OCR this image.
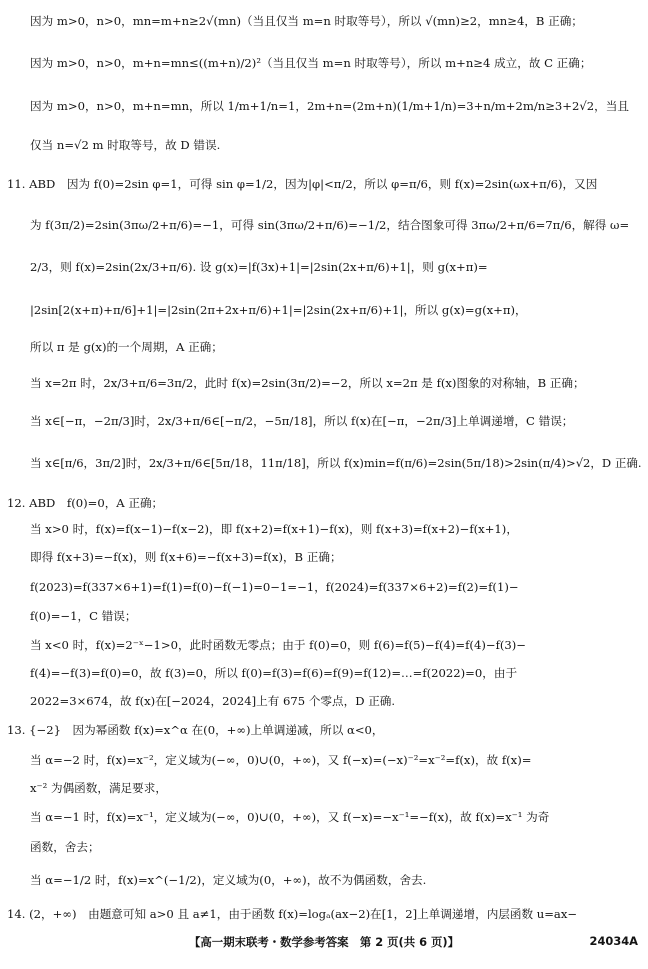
因为 m>0，n>0，mn=m+n≥2√(mn)（当且仅当 m=n 时取等号），所以 √(mn)≥2，mn≥4，B 正确；
因为 m>0，n>0，m+n=mn≤((m+n)/2)²（当且仅当 m=n 时取等号），所以 m+n≥4 成立，故 C 正确；
因为 m>0，n>0，m+n=mn，所以 1/m+1/n=1，2m+n=(2m+n)(1/m+1/n)=3+n/m+2m/n≥3+2√2，当且
仅当 n=√2 m 时取等号，故 D 错误.
11. ABD　因为 f(0)=2sin φ=1，可得 sin φ=1/2，因为|φ|<π/2，所以 φ=π/6，则 f(x)=2sin(ωx+π/6)，又因
为 f(3π/2)=2sin(3πω/2+π/6)=−1，可得 sin(3πω/2+π/6)=−1/2，结合图象可得 3πω/2+π/6=7π/6，解得 ω=
2/3，则 f(x)=2sin(2x/3+π/6). 设 g(x)=|f(3x)+1|=|2sin(2x+π/6)+1|，则 g(x+π)=
|2sin[2(x+π)+π/6]+1|=|2sin(2π+2x+π/6)+1|=|2sin(2x+π/6)+1|，所以 g(x)=g(x+π)，
所以 π 是 g(x)的一个周期，A 正确；
当 x=2π 时，2x/3+π/6=3π/2，此时 f(x)=2sin(3π/2)=−2，所以 x=2π 是 f(x)图象的对称轴，B 正确；
当 x∈[−π，−2π/3]时，2x/3+π/6∈[−π/2，−5π/18]，所以 f(x)在[−π，−2π/3]上单调递增，C 错误；
当 x∈[π/6，3π/2]时，2x/3+π/6∈[5π/18，11π/18]，所以 f(x)min=f(π/6)=2sin(5π/18)>2sin(π/4)>√2，D 正确.
12. ABD　f(0)=0，A 正确；
当 x>0 时，f(x)=f(x−1)−f(x−2)，即 f(x+2)=f(x+1)−f(x)，则 f(x+3)=f(x+2)−f(x+1)，
即得 f(x+3)=−f(x)，则 f(x+6)=−f(x+3)=f(x)，B 正确；
f(2023)=f(337×6+1)=f(1)=f(0)−f(−1)=0−1=−1，f(2024)=f(337×6+2)=f(2)=f(1)−
f(0)=−1，C 错误；
当 x<0 时，f(x)=2⁻ˣ−1>0，此时函数无零点；由于 f(0)=0，则 f(6)=f(5)−f(4)=f(4)−f(3)−
f(4)=−f(3)=f(0)=0，故 f(3)=0，所以 f(0)=f(3)=f(6)=f(9)=f(12)=…=f(2022)=0，由于
2022=3×674，故 f(x)在[−2024，2024]上有 675 个零点，D 正确.
13. {−2}　因为幂函数 f(x)=x^α 在(0，+∞)上单调递减，所以 α<0，
当 α=−2 时，f(x)=x⁻²，定义域为(−∞，0)∪(0，+∞)，又 f(−x)=(−x)⁻²=x⁻²=f(x)，故 f(x)=
x⁻² 为偶函数，满足要求，
当 α=−1 时，f(x)=x⁻¹，定义域为(−∞，0)∪(0，+∞)，又 f(−x)=−x⁻¹=−f(x)，故 f(x)=x⁻¹ 为奇
函数，舍去；
当 α=−1/2 时，f(x)=x^(−1/2)，定义域为(0，+∞)，故不为偶函数，舍去.
14. (2，+∞)　由题意可知 a>0 且 a≠1，由于函数 f(x)=logₐ(ax−2)在[1，2]上单调递增，内层函数 u=ax−
【高一期末联考・数学参考答案　第 2 页(共 6 页)】	24034A
